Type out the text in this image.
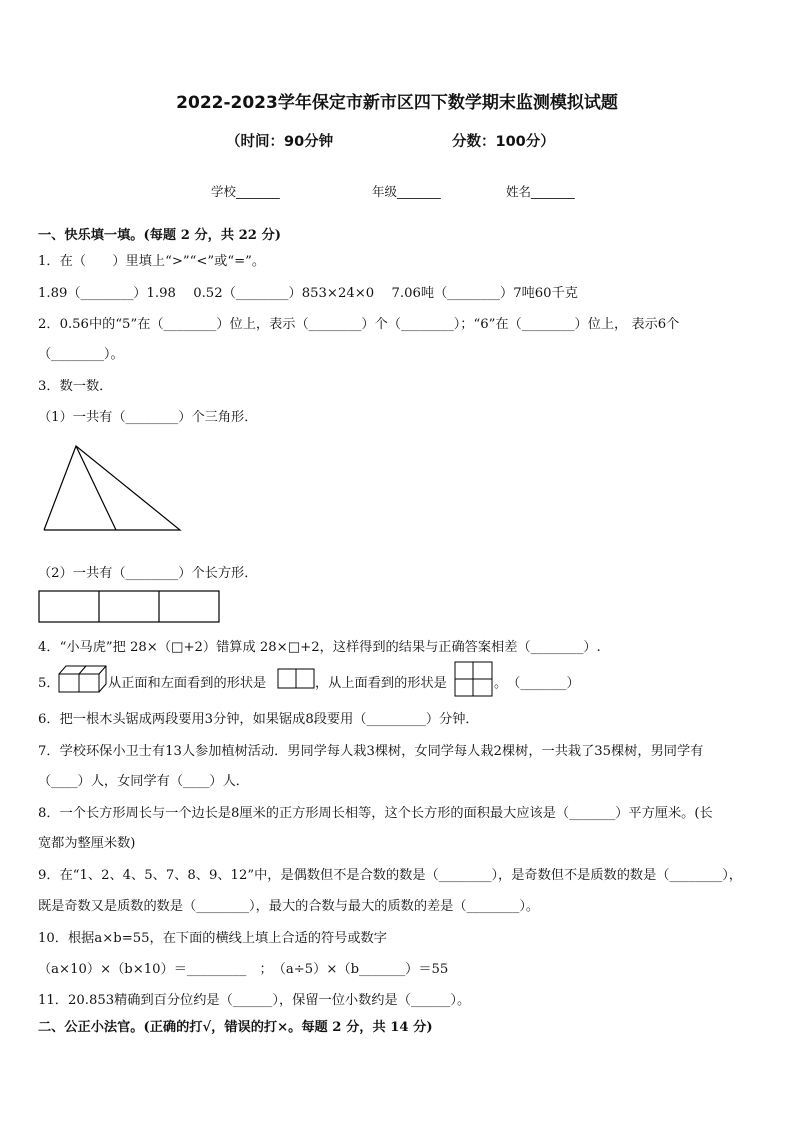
2022-2023学年保定市新市区四下数学期末监测模拟试题
（时间：90分钟	分数：100分）
学校_______	年级_______	姓名_______
一、快乐填一填。(每题 2 分，共 22 分)
1．在（　　）里填上“>”“<”或“=”。
1.89（________）1.98　 0.52（________）853×24×0　 7.06吨（________）7吨60千克
2．0.56中的“5”在（________）位上，表示（________）个（________）；“6”在（________）位上， 表示6个
（________）。
3．数一数．
（1）一共有（________）个三角形．
（2）一共有（________）个长方形．
4．“小马虎”把 28×（□+2）错算成 28×□+2，这样得到的结果与正确答案相差（________）.
5．	从正面和左面看到的形状是	，从上面看到的形状是	。　（_______）
6．把一根木头锯成两段要用3分钟，如果锯成8段要用（_________）分钟．
7．学校环保小卫士有13人参加植树活动．男同学每人栽3棵树，女同学每人栽2棵树，一共栽了35棵树，男同学有
（____）人，女同学有（____）人．
8．一个长方形周长与一个边长是8厘米的正方形周长相等，这个长方形的面积最大应该是（_______）平方厘米。(长
宽都为整厘米数)
9．在“1、2、4、5、7、8、9、12”中，是偶数但不是合数的数是（________），是奇数但不是质数的数是（________），
既是奇数又是质数的数是（________），最大的合数与最大的质数的差是（________）。
10．根据a×b=55，在下面的横线上填上合适的符号或数字
（a×10）×（b×10）＝_________　；　（a÷5）×（b_______）＝55
11．20.853精确到百分位约是（______），保留一位小数约是（______）。
二、公正小法官。(正确的打√，错误的打×。每题 2 分，共 14 分)
